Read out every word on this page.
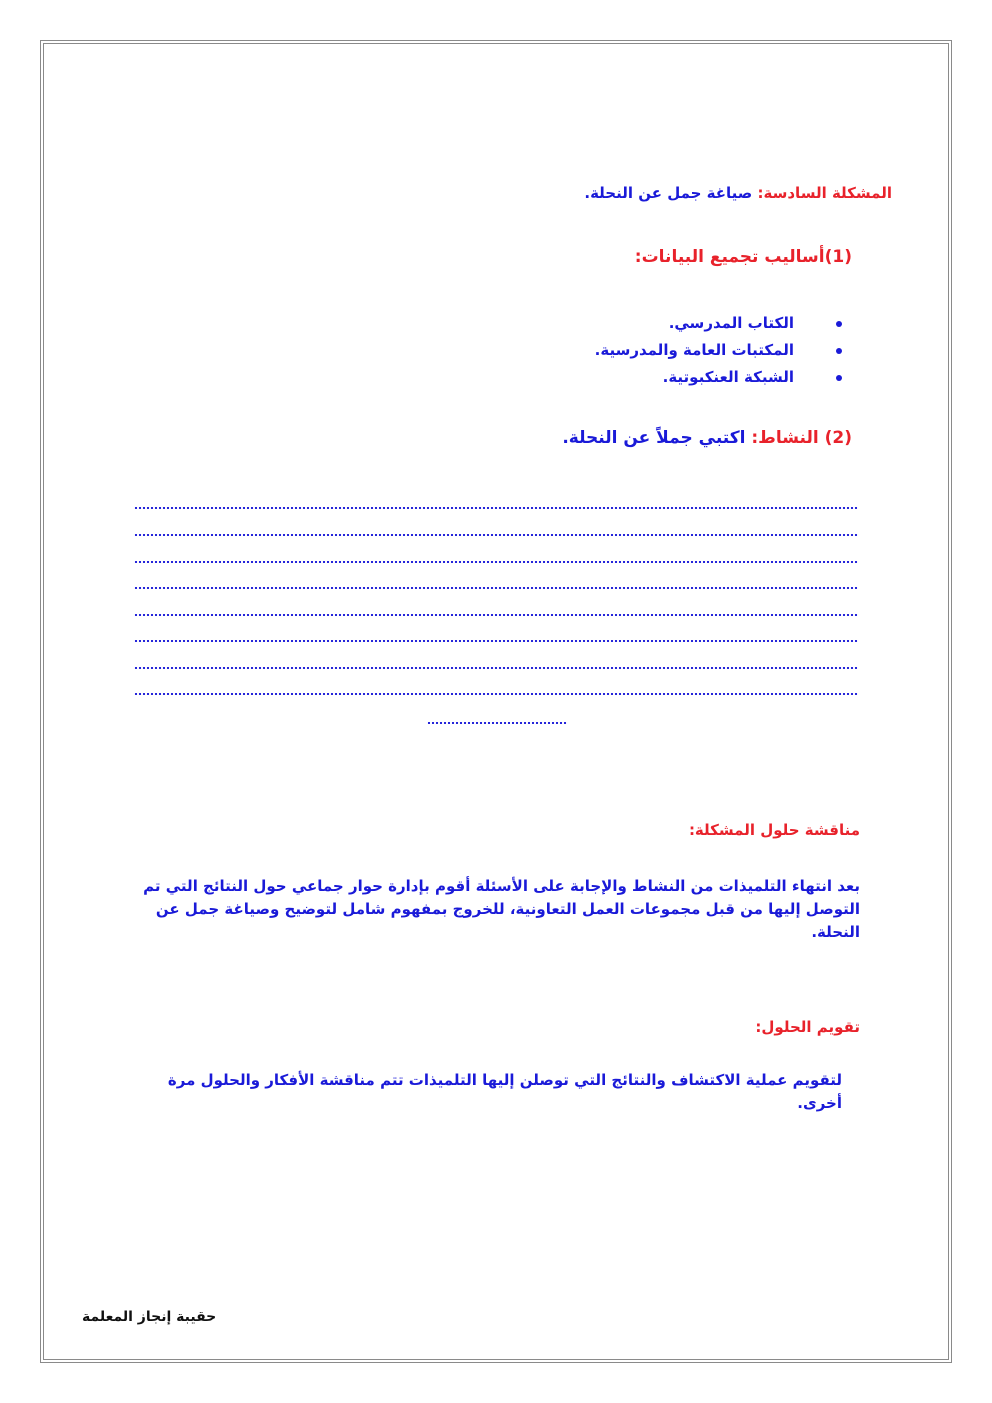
المشكلة السادسة: صياغة جمل عن النحلة.
(1)أساليب تجميع البيانات:
الكتاب المدرسي.
المكتبات العامة والمدرسية.
الشبكة العنكبوتية.
(2) النشاط: اكتبي جملاً عن النحلة.
مناقشة حلول المشكلة:
بعد انتهاء التلميذات من النشاط والإجابة على الأسئلة أقوم بإدارة حوار جماعي حول النتائج التي تم التوصل إليها من قبل مجموعات العمل التعاونية، للخروج بمفهوم شامل لتوضيح وصياغة جمل عن النحلة.
تقويم الحلول:
لتقويم عملية الاكتشاف والنتائج التي توصلن إليها التلميذات تتم مناقشة الأفكار والحلول مرة أخرى.
حقيبة إنجاز المعلمة
